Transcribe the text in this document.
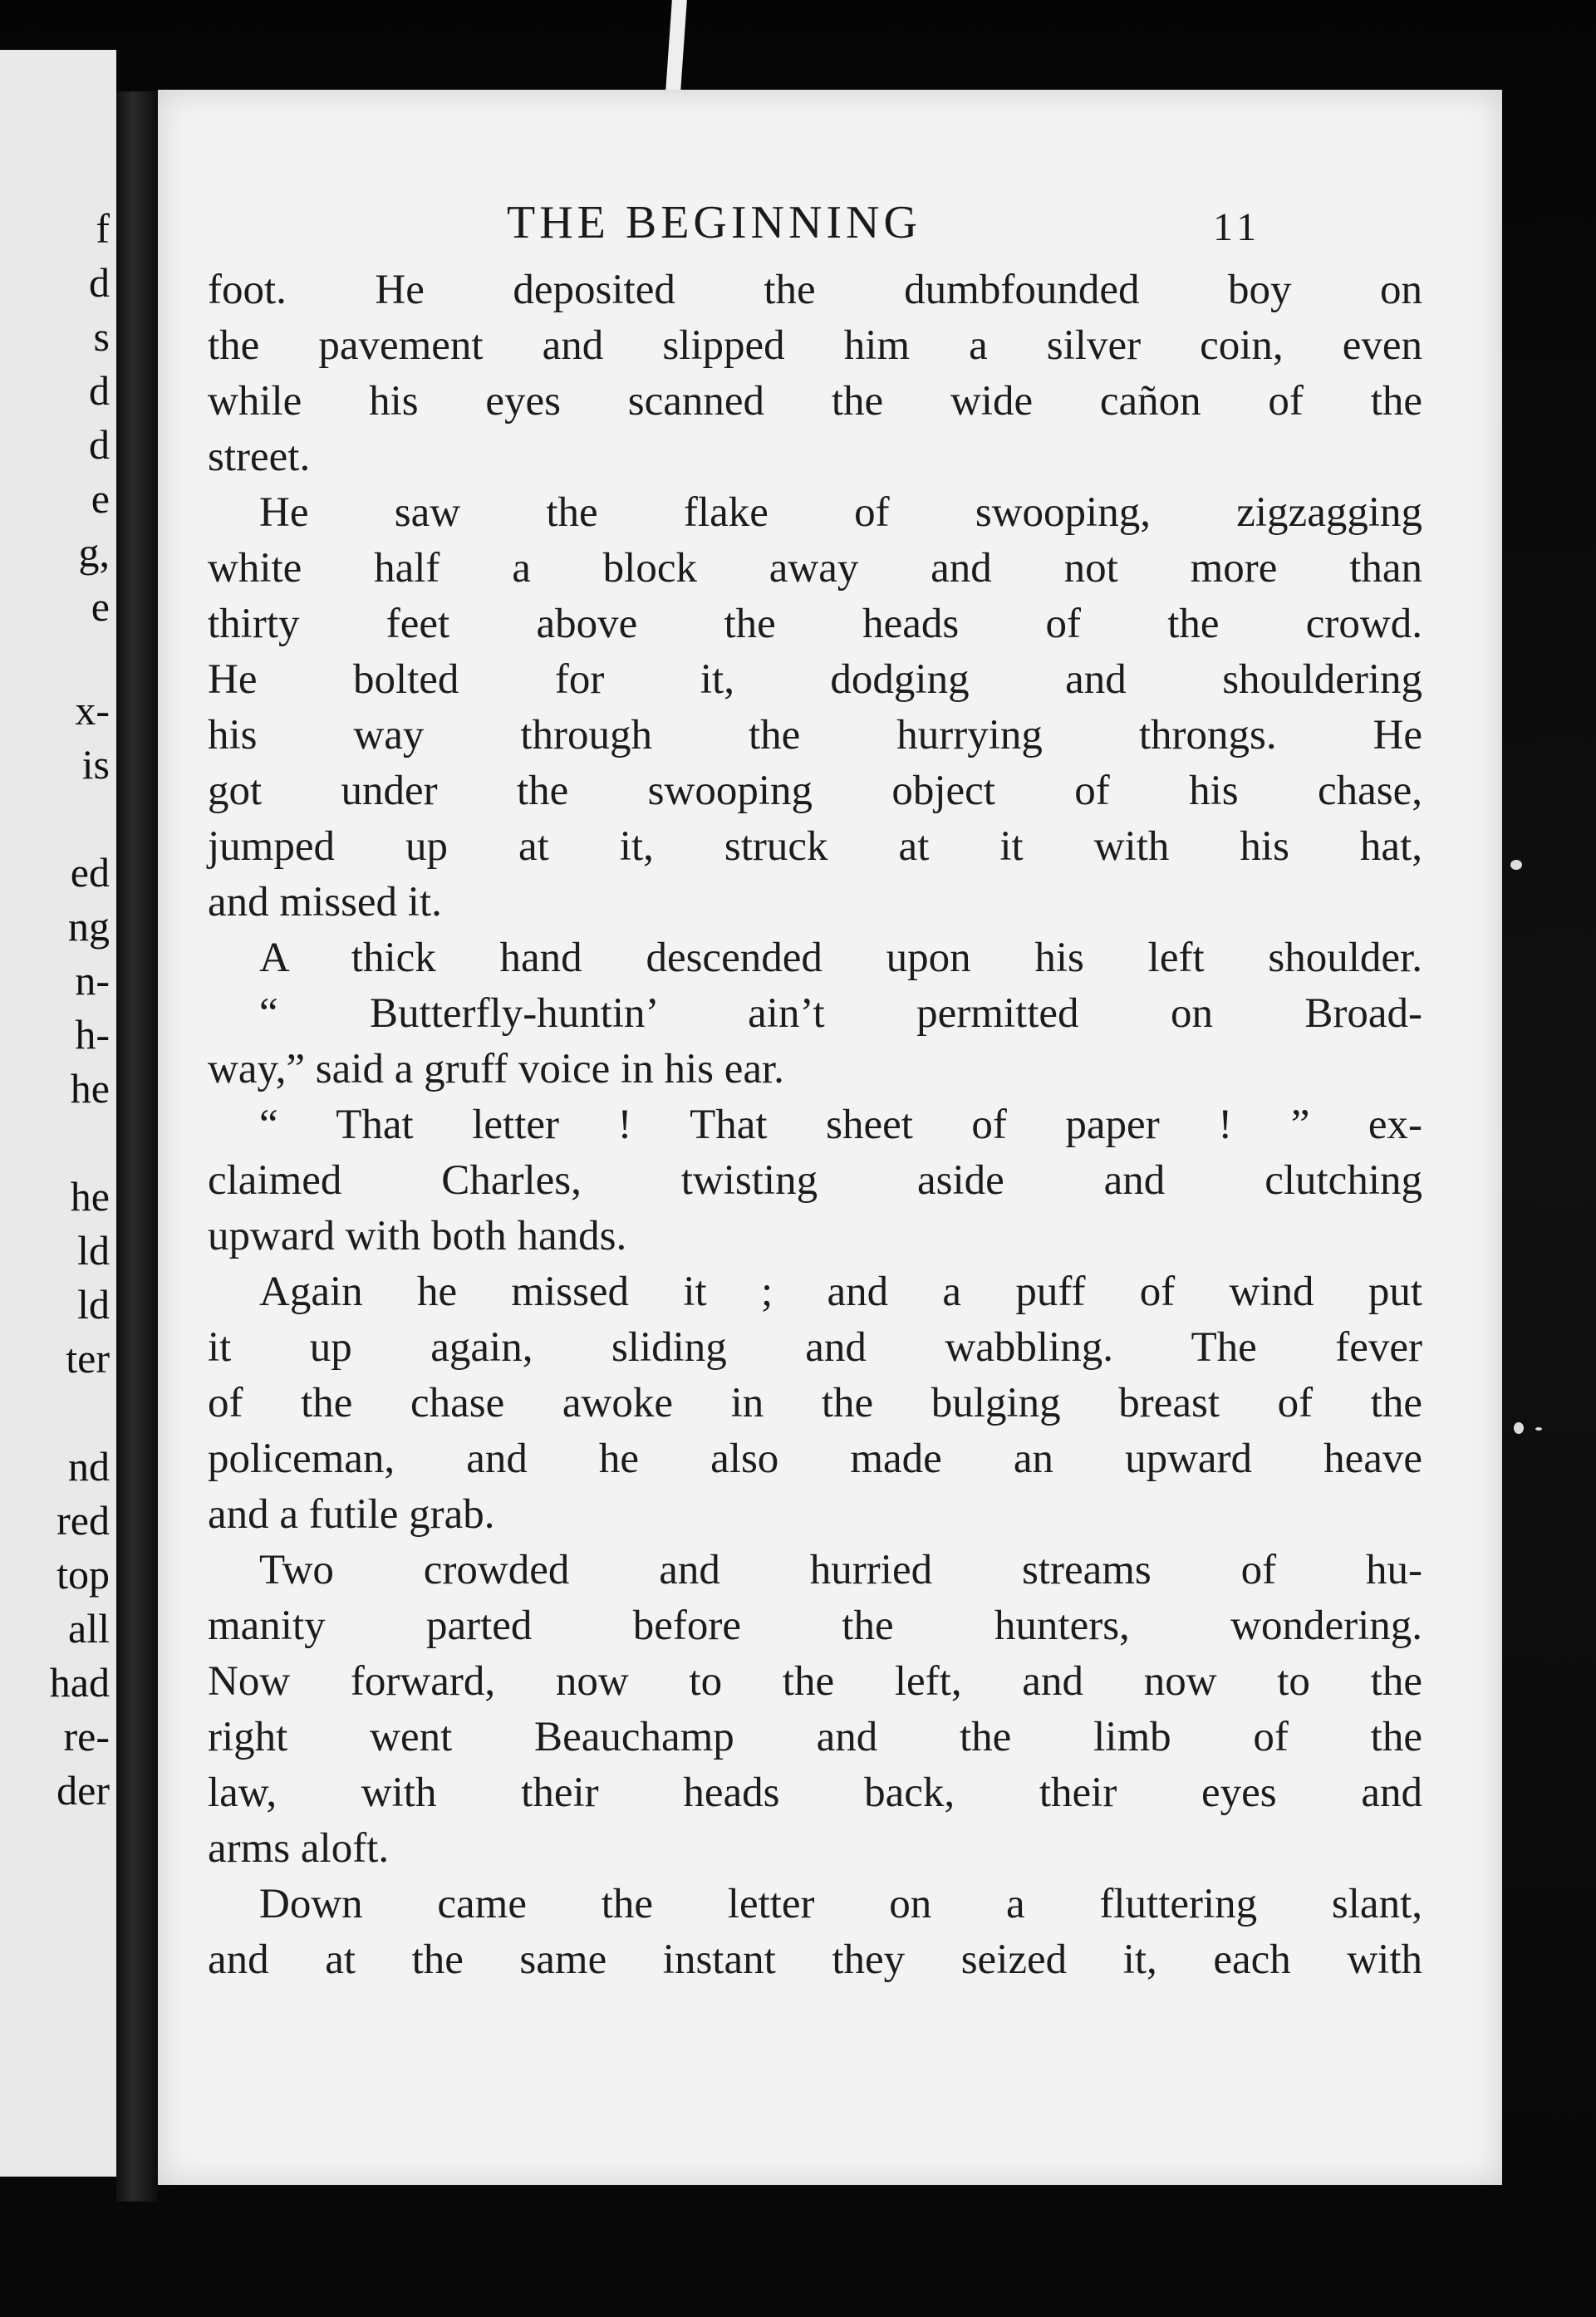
f
d
s
d
d
e
g,
e
x-
is
ed
ng
n-
h-
he
he
ld
ld
ter
nd
red
top
all
had
re-
der
THE BEGINNING	11
foot. He deposited the dumbfounded boy on
the pavement and slipped him a silver coin, even
while his eyes scanned the wide cañon of the
street.
He saw the flake of swooping, zigzagging
white half a block away and not more than
thirty feet above the heads of the crowd.
He bolted for it, dodging and shouldering
his way through the hurrying throngs. He
got under the swooping object of his chase,
jumped up at it, struck at it with his hat,
and missed it.
A thick hand descended upon his left shoulder.
“ Butterfly-huntin’ ain’t permitted on Broad-
way,” said a gruff voice in his ear.
“ That letter ! That sheet of paper ! ” ex-
claimed Charles, twisting aside and clutching
upward with both hands.
Again he missed it ; and a puff of wind put
it up again, sliding and wabbling. The fever
of the chase awoke in the bulging breast of the
policeman, and he also made an upward heave
and a futile grab.
Two crowded and hurried streams of hu-
manity parted before the hunters, wondering.
Now forward, now to the left, and now to the
right went Beauchamp and the limb of the
law, with their heads back, their eyes and
arms aloft.
Down came the letter on a fluttering slant,
and at the same instant they seized it, each with
